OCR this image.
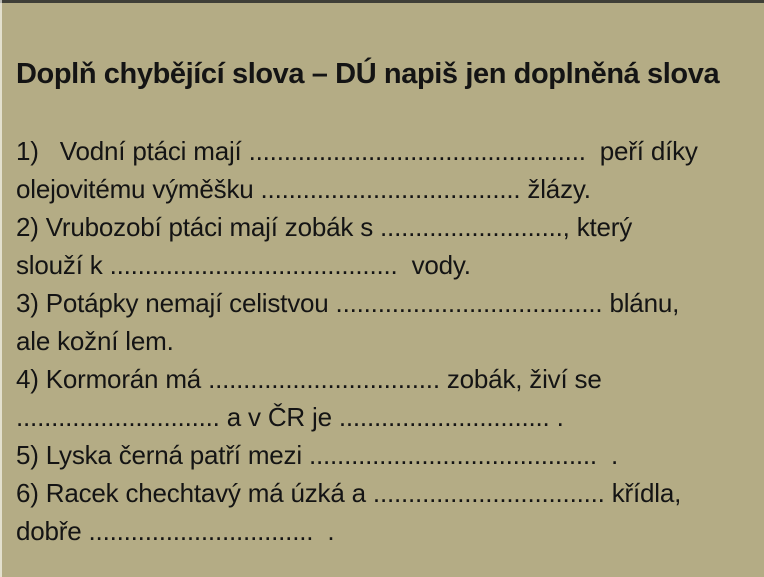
Doplň chybějící slova – DÚ napiš jen doplněná slova
1)   Vodní ptáci mají ................................................  peří díky
olejovitému výměšku ..................................... žlázy.
2) Vrubozobí ptáci mají zobák s .........................., který
slouží k .........................................  vody.
3) Potápky nemají celistvou ...................................... blánu,
ale kožní lem.
4) Kormorán má ................................. zobák, živí se
............................. a v ČR je .............................. .
5) Lyska černá patří mezi .........................................  .
6) Racek chechtavý má úzká a ................................. křídla,
dobře ................................  .
